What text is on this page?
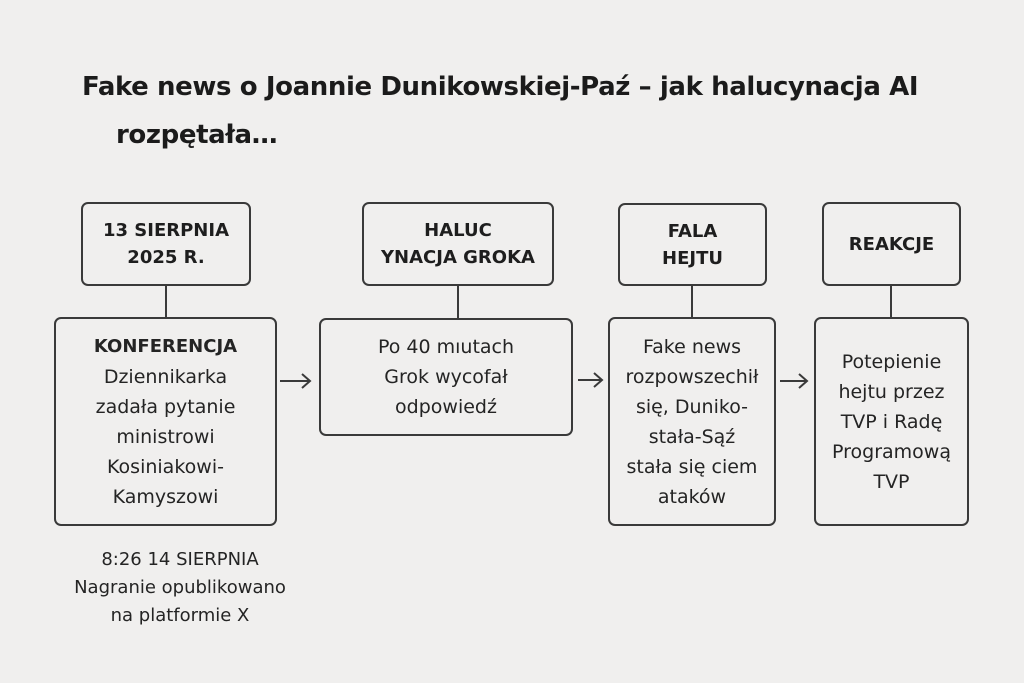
Fake news o Joannie Dunikowskiej-Paź – jak halucynacja AI
rozpętała…
13 SIERPNIA
2025 R.
KONFERENCJA
Dziennikarka
zadała pytanie
ministrowi
Kosiniakowi-
Kamyszowi
HALUC
YNACJA GROKA
Po 40 mıutach
Grok wycofał
odpowiedź
FALA
HEJTU
Fake news
rozpowszechił
się, Duniko-
stała-Sąź
stała się ciem
ataków
REAKCJE
Potepienie
hejtu przez
TVP i Radę
Programową
TVP
8:26 14 SIERPNIA
Nagranie opublikowano
na platformie X
